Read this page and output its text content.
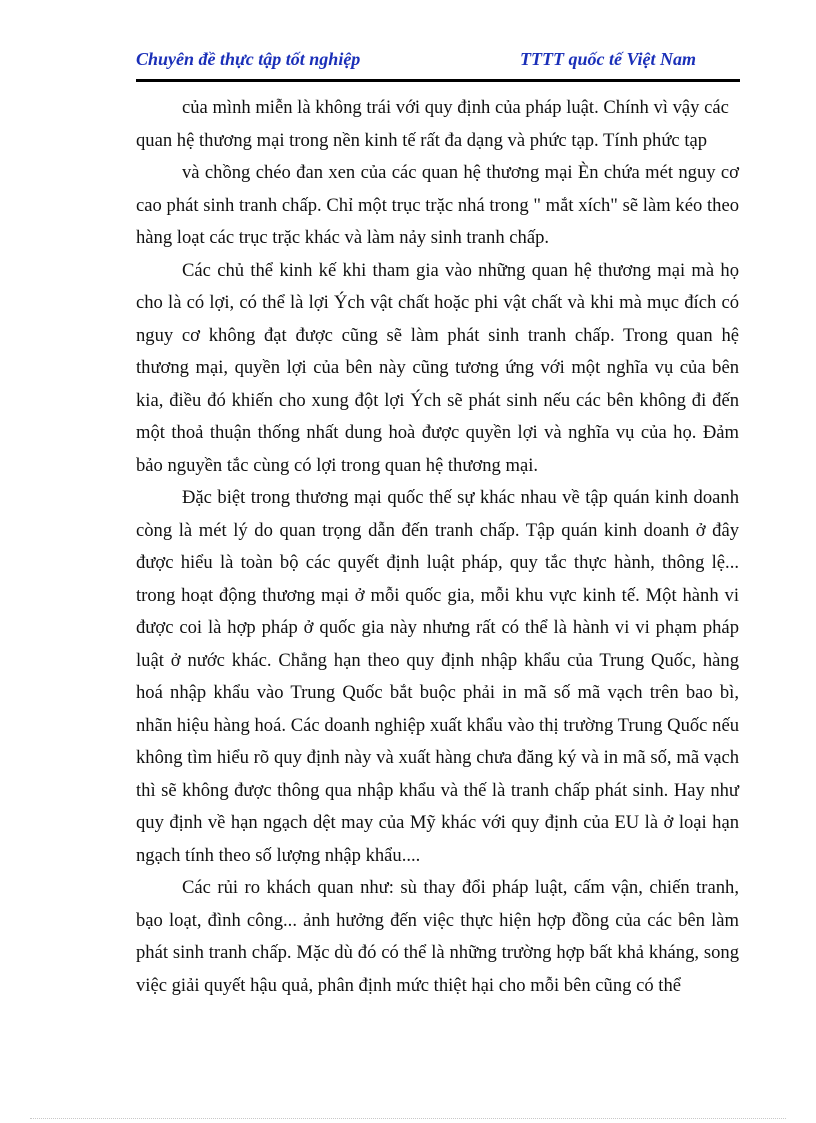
Chuyên đề thực tập tốt nghiệp	TTTT quốc tế Việt Nam

của mình miễn là không trái với quy định của pháp luật. Chính vì vậy các quan hệ thương mại trong nền kinh tế rất đa dạng và phức tạp. Tính phức tạp

và chồng chéo đan xen của các quan hệ thương mại Èn chứa mét nguy cơ cao phát sinh tranh chấp. Chỉ một trục trặc nhá trong " mắt xích" sẽ làm kéo theo hàng loạt các trục trặc khác và làm nảy sinh tranh chấp.

Các chủ thể kinh kế khi tham gia vào những quan hệ thương mại mà họ cho là có lợi, có thể là lợi Ých vật chất hoặc phi vật chất và khi mà mục đích có nguy cơ không đạt được cũng sẽ làm phát sinh tranh chấp. Trong quan hệ thương mại, quyền lợi của bên này cũng tương ứng với một nghĩa vụ của bên kia, điều đó khiến cho xung đột lợi Ých sẽ phát sinh nếu các bên không đi đến một thoả thuận thống nhất dung hoà được quyền lợi và nghĩa vụ của họ. Đảm bảo nguyền tắc cùng có lợi trong quan hệ thương mại.

Đặc biệt trong thương mại quốc thế sự khác nhau về tập quán kinh doanh còng là mét lý do quan trọng dẫn đến tranh chấp. Tập quán kinh doanh ở đây được hiểu là toàn bộ các quyết định luật pháp, quy tắc thực hành, thông lệ... trong hoạt động thương mại ở mỗi quốc gia, mỗi khu vực kinh tế. Một hành vi được coi là hợp pháp ở quốc gia này nhưng rất có thể là hành vi vi phạm pháp luật ở nước khác. Chẳng hạn theo quy định nhập khẩu của Trung Quốc, hàng hoá nhập khẩu vào Trung Quốc bắt buộc phải in mã số mã vạch trên bao bì, nhãn hiệu hàng hoá. Các doanh nghiệp xuất khẩu vào thị trường Trung Quốc nếu không tìm hiểu rõ quy định này và xuất hàng chưa đăng ký và in mã số, mã vạch thì sẽ không được thông qua nhập khẩu và thế là tranh chấp phát sinh. Hay như quy định về hạn ngạch dệt may của Mỹ khác với quy định của EU là ở loại hạn ngạch tính theo số lượng nhập khẩu....

Các rủi ro khách quan như: sù thay đổi pháp luật, cấm vận, chiến tranh, bạo loạt, đình công... ảnh hưởng đến việc thực hiện hợp đồng của các bên làm phát sinh tranh chấp. Mặc dù đó có thể là những trường hợp bất khả kháng, song việc giải quyết hậu quả, phân định mức thiệt hại cho mỗi bên cũng có thể
